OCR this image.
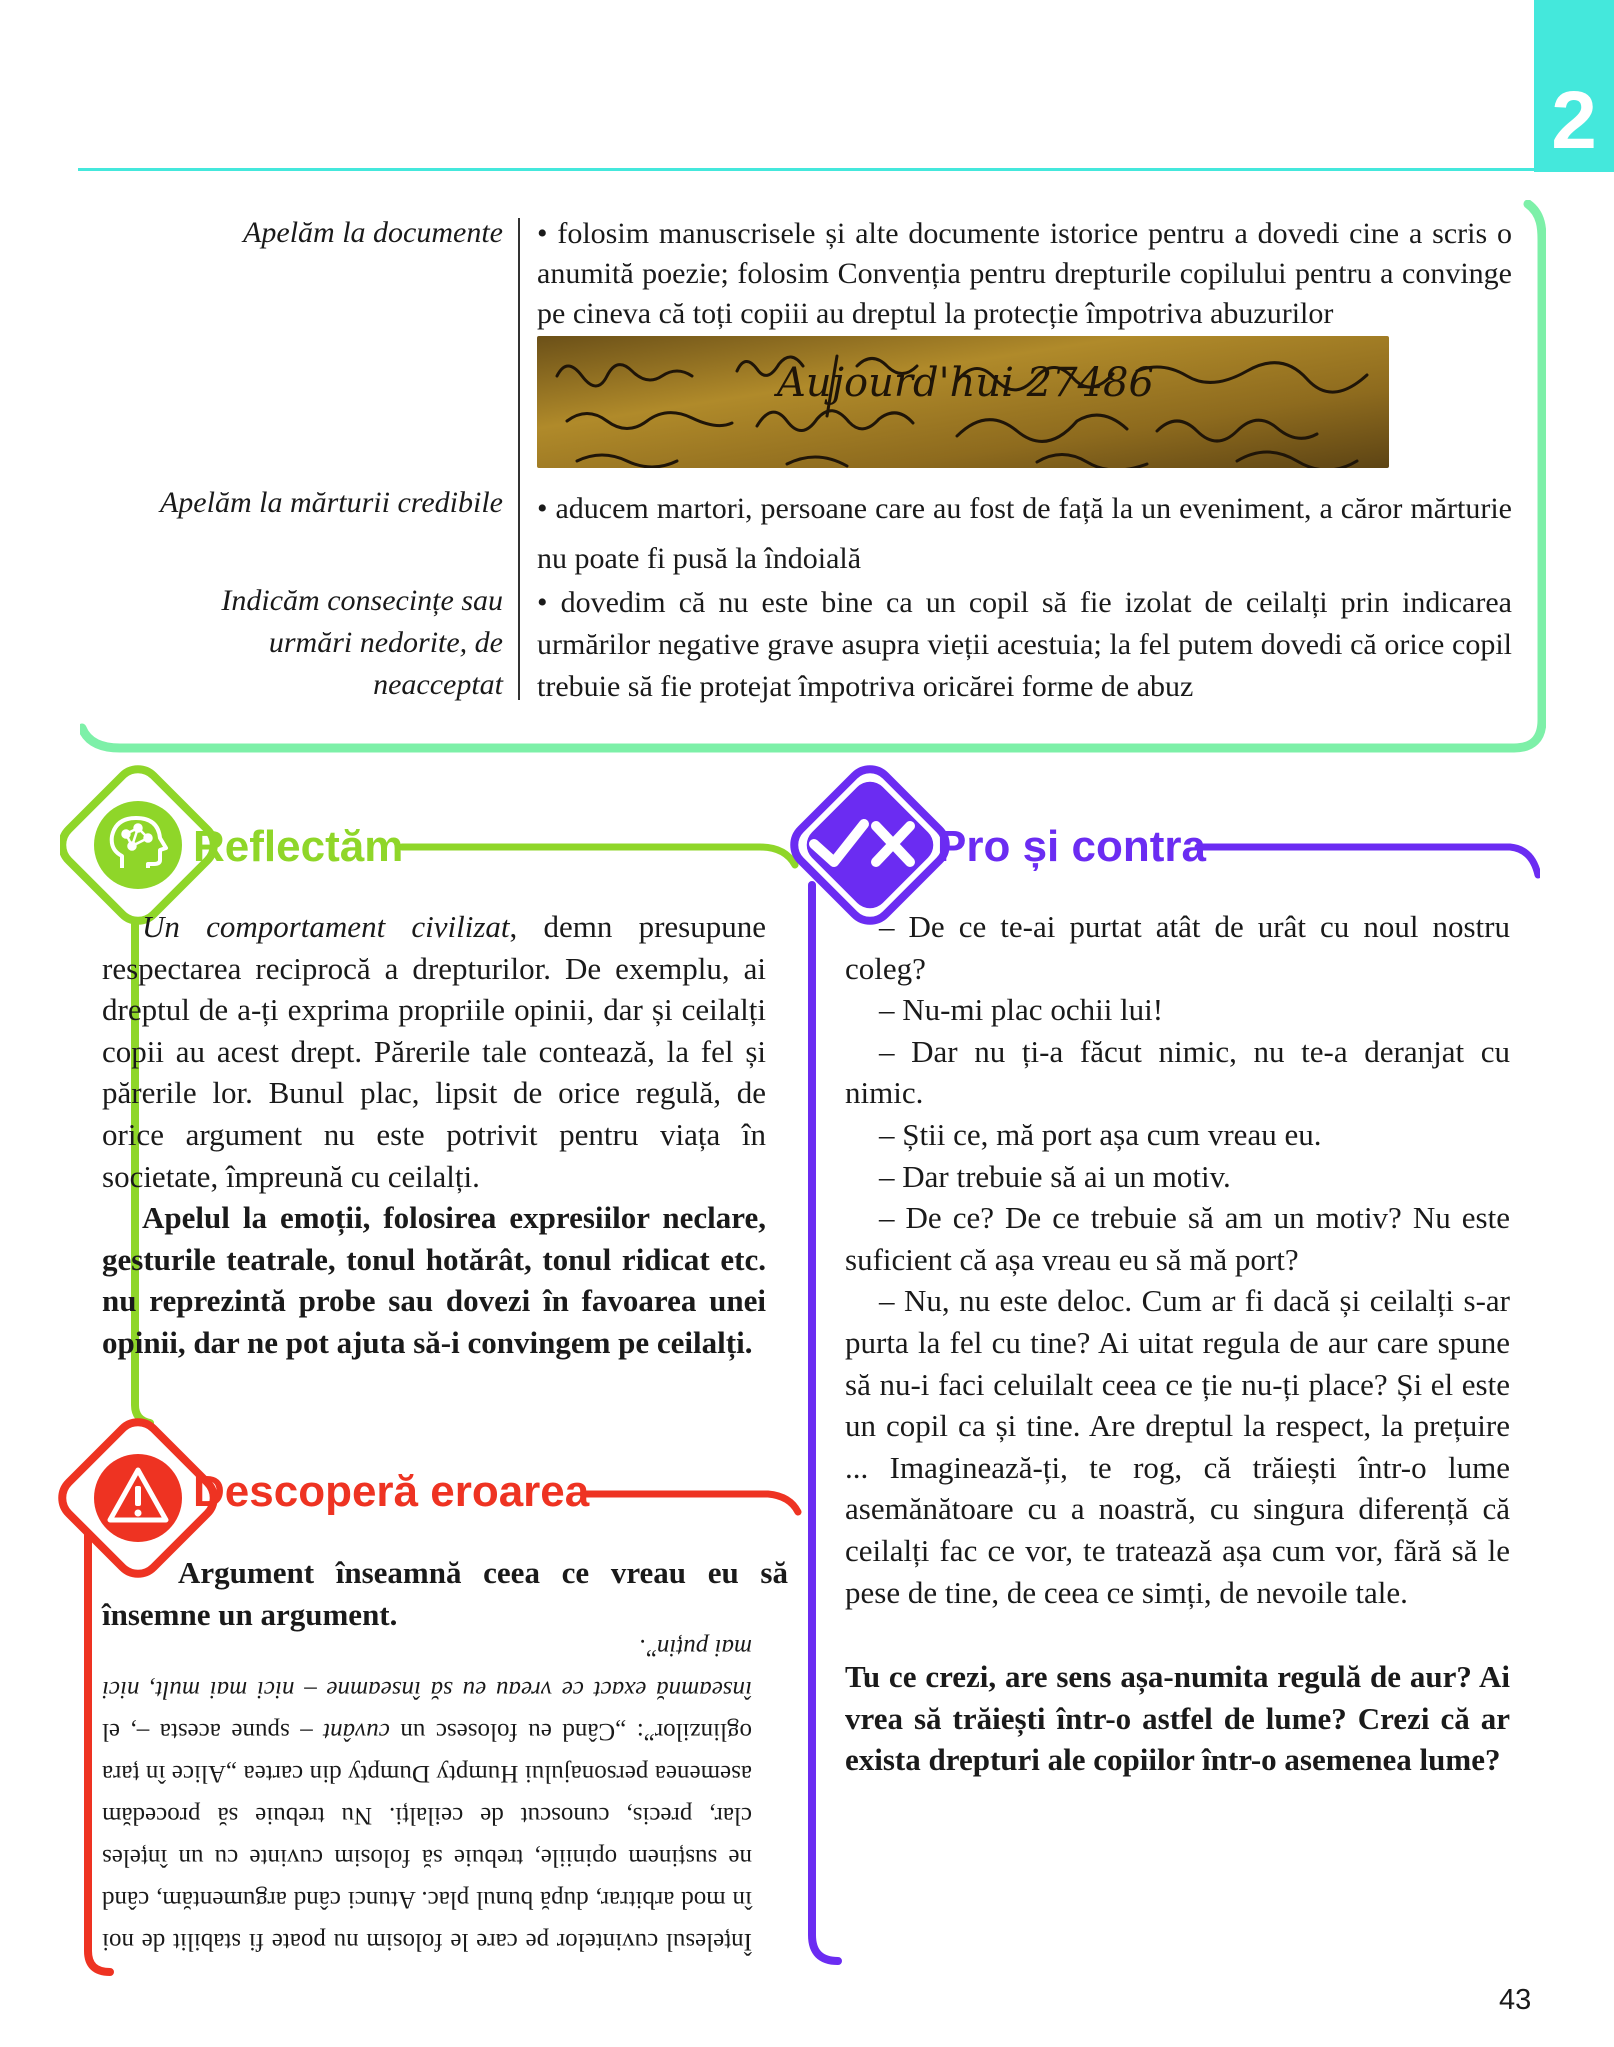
2
Apelăm la documente • folosim manuscrisele și alte documente istorice pentru a dovedi cine a scris o anumită poezie; folosim Convenția pentru drepturile copilului pentru a convinge pe cineva că toți copiii au dreptul la protecție împotriva abuzurilor
Aujourd'hui 27486
Apelăm la mărturii credibile • aducem martori, persoane care au fost de față la un eveniment, a căror mărturie nu poate fi pusă la îndoială
Indicăm consecințe sau
urmări nedorite, de
neacceptat
• dovedim că nu este bine ca un copil să fie izolat de ceilalți prin indicarea urmărilor negative grave asupra vieții acestuia; la fel putem dovedi că orice copil trebuie să fie protejat împotriva oricărei forme de abuz
Reflectăm

Un comportament civilizat, demn presupune respectarea reciprocă a drepturilor. De exemplu, ai dreptul de a-ți exprima propriile opinii, dar și ceilalți copii au acest drept. Părerile tale contează, la fel și părerile lor. Bunul plac, lipsit de orice regulă, de orice argument nu este potrivit pentru viața în societate, împreună cu ceilalți.

Apelul la emoții, folosirea expresiilor neclare, gesturile teatrale, tonul hotărât, tonul ridicat etc. nu reprezintă probe sau dovezi în favoarea unei opinii, dar ne pot ajuta să-i convingem pe ceilalți.

Descoperă eroarea

Argument înseamnă ceea ce vreau eu să însemne un argument.

Înțelesul cuvintelor pe care le folosim nu poate fi stabilit de noi în mod arbitrar, după bunul plac. Atunci când argumentăm, când ne susținem opiniile, trebuie să folosim cuvinte cu un înțeles clar, precis, cunoscut de ceilalți. Nu trebuie să procedăm asemenea personajului Humpty Dumpty din cartea „Alice în țara oglinzilor”: „Când eu folosesc un cuvânt – spune acesta –, el înseamnă exact ce vreau eu să înseamne – nici mai mult, nici mai puțin”.
Pro și contra

– De ce te-ai purtat atât de urât cu noul nostru coleg?

– Nu-mi plac ochii lui!

– Dar nu ți-a făcut nimic, nu te-a deranjat cu nimic.

– Știi ce, mă port așa cum vreau eu.

– Dar trebuie să ai un motiv.

– De ce? De ce trebuie să am un motiv? Nu este suficient că așa vreau eu să mă port?

– Nu, nu este deloc. Cum ar fi dacă și ceilalți s-ar purta la fel cu tine? Ai uitat regula de aur care spune să nu-i faci celuilalt ceea ce ție nu-ți place? Și el este un copil ca și tine. Are dreptul la respect, la prețuire ... Imaginează-ți, te rog, că trăiești într-o lume asemănătoare cu a noastră, cu singura diferență că ceilalți fac ce vor, te tratează așa cum vor, fără să le pese de tine, de ceea ce simți, de nevoile tale.

Tu ce crezi, are sens așa-numita regulă de aur? Ai vrea să trăiești într-o astfel de lume? Crezi că ar exista drepturi ale copiilor într-o asemenea lume?

43
